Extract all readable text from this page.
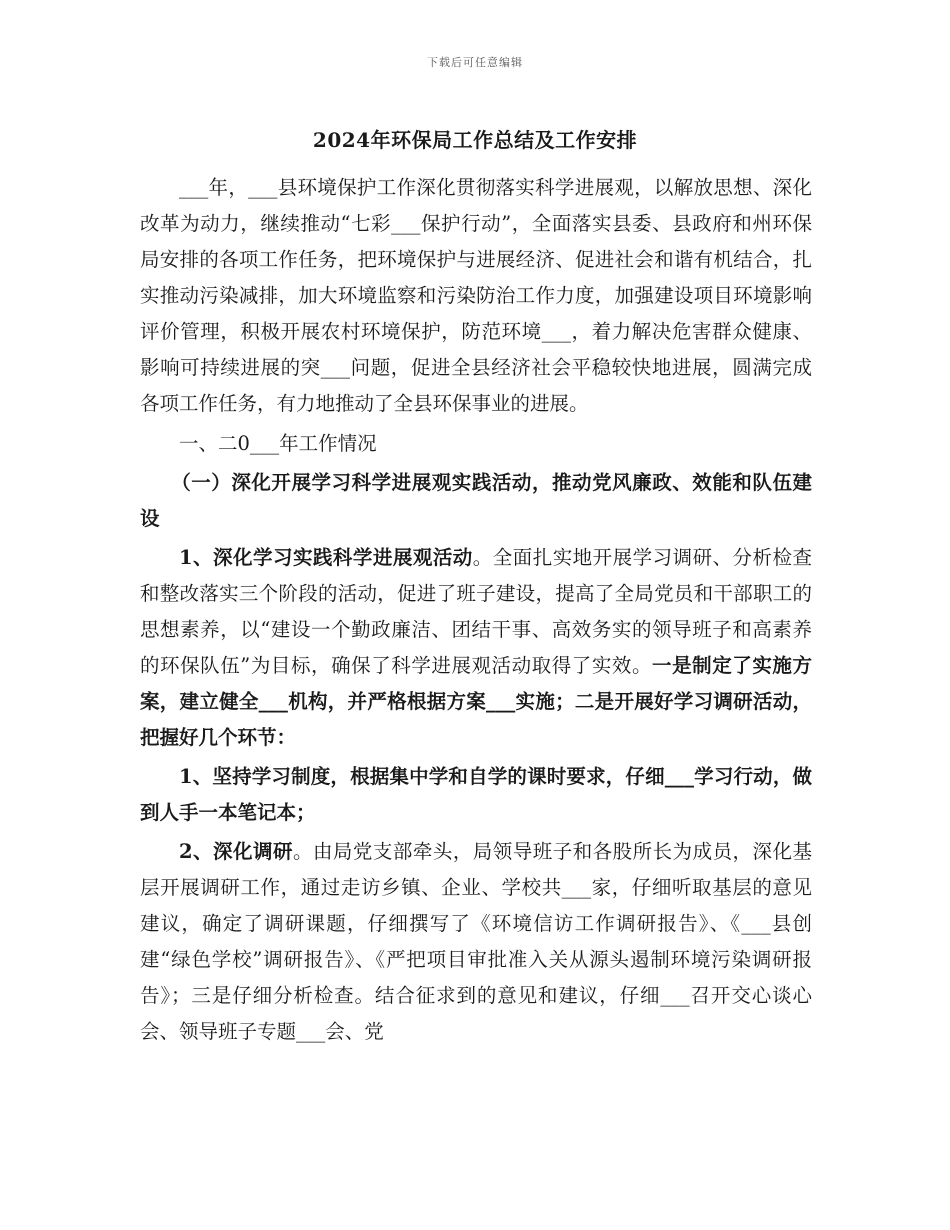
下载后可任意编辑
2024年环保局工作总结及工作安排

___年，___县环境保护工作深化贯彻落实科学进展观，以解放思想、深化改革为动力，继续推动“七彩___保护行动”，全面落实县委、县政府和州环保局安排的各项工作任务，把环境保护与进展经济、促进社会和谐有机结合，扎实推动污染减排，加大环境监察和污染防治工作力度，加强建设项目环境影响评价管理，积极开展农村环境保护，防范环境___，着力解决危害群众健康、影响可持续进展的突___问题，促进全县经济社会平稳较快地进展，圆满完成各项工作任务，有力地推动了全县环保事业的进展。

一、二0___年工作情况

（一）深化开展学习科学进展观实践活动，推动党风廉政、效能和队伍建设

1、深化学习实践科学进展观活动。全面扎实地开展学习调研、分析检查和整改落实三个阶段的活动，促进了班子建设，提高了全局党员和干部职工的思想素养，以“建设一个勤政廉洁、团结干事、高效务实的领导班子和高素养的环保队伍”为目标，确保了科学进展观活动取得了实效。一是制定了实施方案，建立健全___机构，并严格根据方案___实施；二是开展好学习调研活动，把握好几个环节：

1、坚持学习制度，根据集中学和自学的课时要求，仔细___学习行动，做到人手一本笔记本；

2、深化调研。由局党支部牵头，局领导班子和各股所长为成员，深化基层开展调研工作，通过走访乡镇、企业、学校共___家，仔细听取基层的意见建议，确定了调研课题，仔细撰写了《环境信访工作调研报告》、《___县创建“绿色学校”调研报告》、《严把项目审批准入关从源头遏制环境污染调研报告》；三是仔细分析检查。结合征求到的意见和建议，仔细___召开交心谈心会、领导班子专题___会、党
